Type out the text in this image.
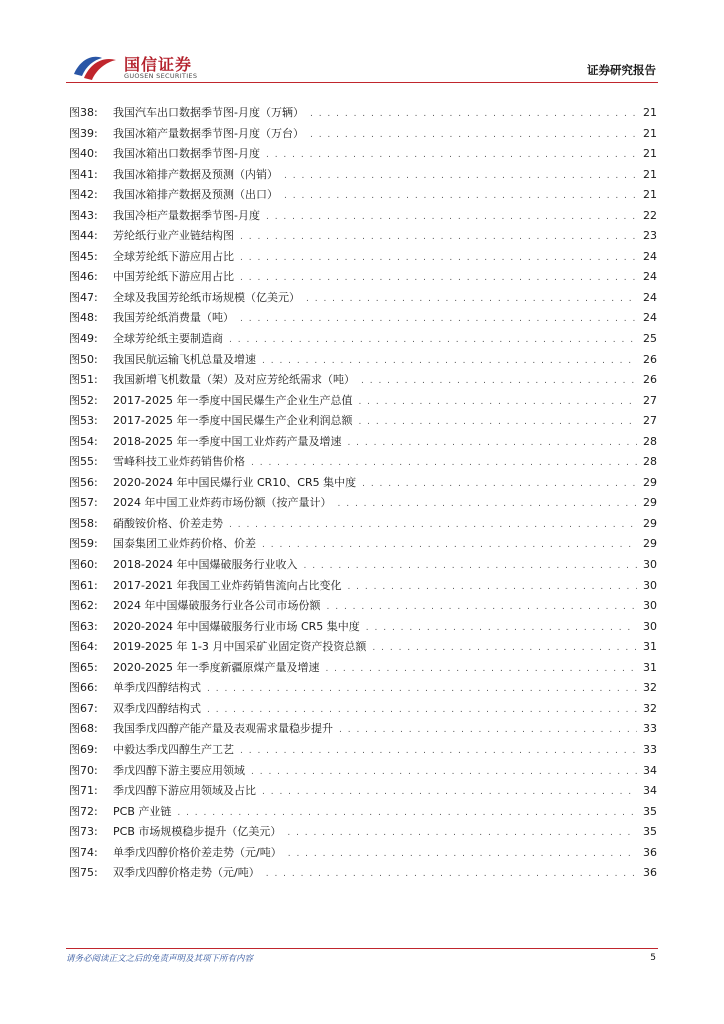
国信证券
GUOSEN SECURITIES	证券研究报告
图38:	我国汽车出口数据季节图-月度（万辆） . . .	21
图39:	我国冰箱产量数据季节图-月度（万台） . . .	21
图40:	我国冰箱出口数据季节图-月度 . . .	21
图41:	我国冰箱排产数据及预测（内销） . . .	21
图42:	我国冰箱排产数据及预测（出口） . . .	21
图43:	我国冷柜产量数据季节图-月度 . . .	22
图44:	芳纶纸行业产业链结构图 . . .	23
图45:	全球芳纶纸下游应用占比 . . .	24
图46:	中国芳纶纸下游应用占比 . . .	24
图47:	全球及我国芳纶纸市场规模（亿美元） . . .	24
图48:	我国芳纶纸消费量（吨） . . .	24
图49:	全球芳纶纸主要制造商 . . .	25
图50:	我国民航运输飞机总量及增速 . . .	26
图51:	我国新增飞机数量（架）及对应芳纶纸需求（吨） . . .	26
图52:	2017-2025 年一季度中国民爆生产企业生产总值 . . .	27
图53:	2017-2025 年一季度中国民爆生产企业利润总额 . . .	27
图54:	2018-2025 年一季度中国工业炸药产量及增速 . . .	28
图55:	雪峰科技工业炸药销售价格 . . .	28
图56:	2020-2024 年中国民爆行业 CR10、CR5 集中度 . . .	29
图57:	2024 年中国工业炸药市场份额（按产量计） . . .	29
图58:	硝酸铵价格、价差走势 . . .	29
图59:	国泰集团工业炸药价格、价差 . . .	29
图60:	2018-2024 年中国爆破服务行业收入 . . .	30
图61:	2017-2021 年我国工业炸药销售流向占比变化 . . .	30
图62:	2024 年中国爆破服务行业各公司市场份额 . . .	30
图63:	2020-2024 年中国爆破服务行业市场 CR5 集中度 . . .	30
图64:	2019-2025 年 1-3 月中国采矿业固定资产投资总额 . . .	31
图65:	2020-2025 年一季度新疆原煤产量及增速 . . .	31
图66:	单季戊四醇结构式 . . .	32
图67:	双季戊四醇结构式 . . .	32
图68:	我国季戊四醇产能产量及表观需求量稳步提升 . . .	33
图69:	中毅达季戊四醇生产工艺 . . .	33
图70:	季戊四醇下游主要应用领域 . . .	34
图71:	季戊四醇下游应用领域及占比 . . .	34
图72:	PCB 产业链 . . .	35
图73:	PCB 市场规模稳步提升（亿美元） . . .	35
图74:	单季戊四醇价格价差走势（元/吨） . . .	36
图75:	双季戊四醇价格走势（元/吨） . . .	36
请务必阅读正文之后的免责声明及其项下所有内容	5
